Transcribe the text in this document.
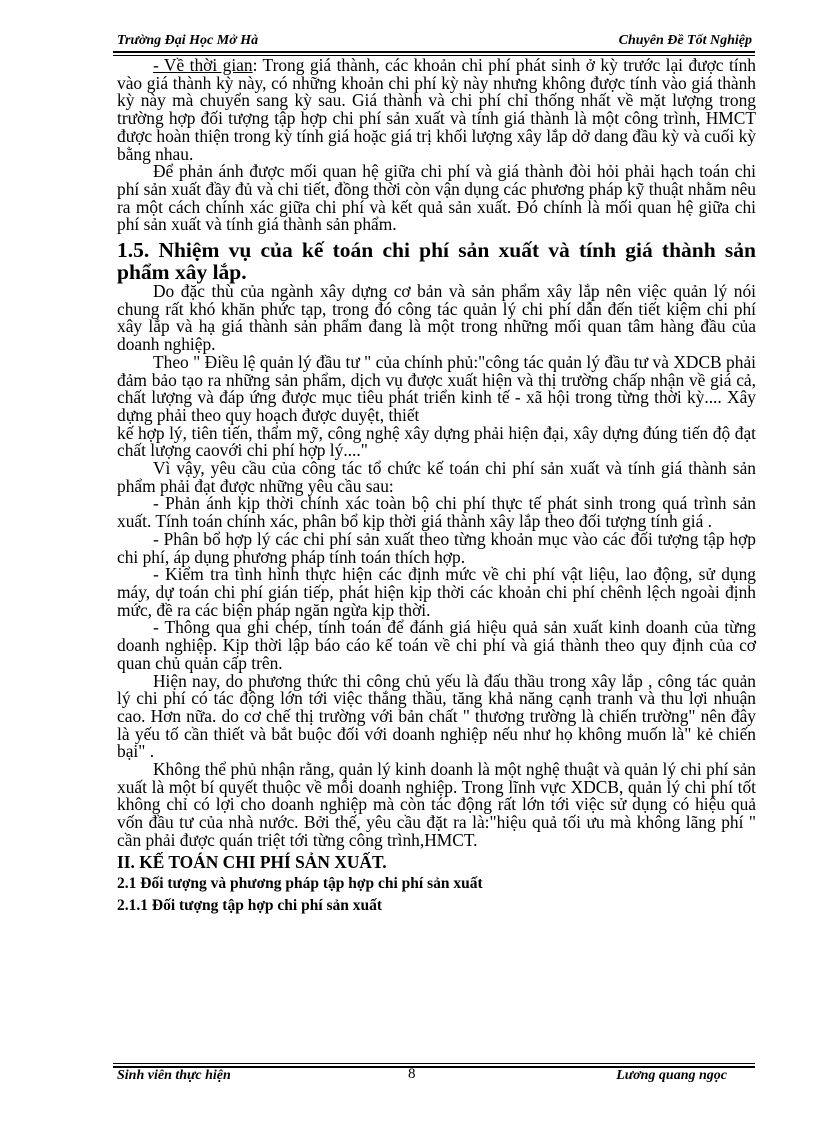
Trường Đại Học Mở Hà	Chuyên Đề Tốt Nghiệp

- Về thời gian: Trong giá thành, các khoản chi phí phát sinh ở kỳ trước lại được tính vào giá thành kỳ này, có những khoản chi phí kỳ này nhưng không được tính vào giá thành kỳ này mà chuyển sang kỳ sau. Giá thành và chi phí chỉ thống nhất về mặt lượng trong trường hợp đối tượng tập hợp chi phí sản xuất và tính giá thành là một công trình, HMCT được hoàn thiện trong kỳ tính giá hoặc giá trị khối lượng xây lắp dở dang đầu kỳ và cuối kỳ bằng nhau.

Để phản ánh được mối quan hệ giữa chi phí và giá thành đòi hỏi phải hạch toán chi phí sản xuất đầy đủ và chi tiết, đồng thời còn vận dụng các phương pháp kỹ thuật nhằm nêu ra một cách chính xác giữa chi phí và kết quả sản xuất. Đó chính là mối quan hệ giữa chi phí sản xuất và tính giá thành sản phẩm.

1.5. Nhiệm vụ của kế toán chi phí sản xuất và tính giá thành sản phẩm xây lắp.

Do đặc thù của ngành xây dựng cơ bản và sản phẩm xây lắp nên việc quản lý nói chung rất khó khăn phức tạp, trong đó công tác quản lý chi phí dẫn đến tiết kiệm chi phí xây lắp và hạ giá thành sản phẩm đang là một trong những mối quan tâm hàng đầu của doanh nghiệp.

Theo " Điều lệ quản lý đầu tư " của chính phủ:"công tác quản lý đầu tư và XDCB phải đảm bảo tạo ra những sản phẩm, dịch vụ được xuất hiện và thị trường chấp nhận về giá cả, chất lượng và đáp ứng được mục tiêu phát triển kinh tế - xã hội trong từng thời kỳ.... Xây dựng phải theo quy hoạch được duyệt, thiết

kế hợp lý, tiên tiến, thẩm mỹ, công nghệ xây dựng phải hiện đại, xây dựng đúng tiến độ đạt chất lượng caovới chi phí hợp lý...."

Vì vậy, yêu cầu của công tác tổ chức kế toán chi phí sản xuất và tính giá thành sản phẩm phải đạt được những yêu cầu sau:

- Phản ánh kịp thời chính xác toàn bộ chi phí thực tế phát sinh trong quá trình sản xuất. Tính toán chính xác, phân bổ kịp thời giá thành xây lắp theo đối tượng tính giá .

- Phân bổ hợp lý các chi phí sản xuất theo từng khoản mục vào các đối tượng tập hợp chi phí, áp dụng phương pháp tính toán thích hợp.

- Kiểm tra tình hình thực hiện các định mức về chi phí vật liệu, lao động, sử dụng máy, dự toán chi phí gián tiếp, phát hiện kịp thời các khoản chi phí chênh lệch ngoài định mức, đề ra các biện pháp ngăn ngừa kịp thời.

- Thông qua ghi chép, tính toán để đánh giá hiệu quả sản xuất kinh doanh của từng doanh nghiệp. Kịp thời lập báo cáo kế toán về chi phí và giá thành theo quy định của cơ quan chủ quản cấp trên.

Hiện nay, do phương thức thi công chủ yếu là đấu thầu trong xây lắp , công tác quản lý chi phí có tác động lớn tới việc thắng thầu, tăng khả năng cạnh tranh và thu lợi nhuận cao. Hơn nữa. do cơ chế thị trường với bản chất " thương trường là chiến trường" nên đây là yếu tố cần thiết và bắt buộc đối với doanh nghiệp nếu như họ không muốn là" kẻ chiến bại" .

Không thể phủ nhận rằng, quản lý kinh doanh là một nghệ thuật và quản lý chi phí sản xuất là một bí quyết thuộc về mỗi doanh nghiệp. Trong lĩnh vực XDCB, quản lý chi phí tốt không chỉ có lợi cho doanh nghiệp mà còn tác động rất lớn tới việc sử dụng có hiệu quả vốn đầu tư của nhà nước. Bởi thế, yêu cầu đặt ra là:"hiệu quả tối ưu mà không lãng phí " cần phải được quán triệt tới từng công trình,HMCT.

II. KẾ TOÁN CHI PHÍ SẢN XUẤT.
2.1 Đối tượng và phương pháp tập hợp chi phí sản xuất
2.1.1 Đối tượng tập hợp chi phí sản xuất
Sinh viên thực hiện	8	Lương quang ngọc
